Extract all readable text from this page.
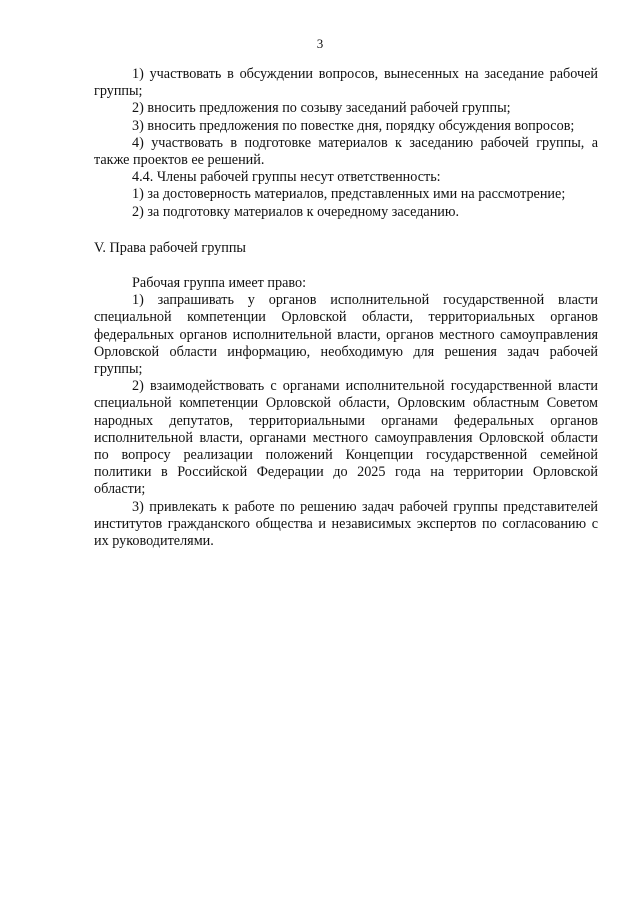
3

1) участвовать в обсуждении вопросов, вынесенных на заседание рабочей группы;

2) вносить предложения по созыву заседаний рабочей группы;

3) вносить предложения по повестке дня, порядку обсуждения вопросов;

4) участвовать в подготовке материалов к заседанию рабочей группы, а также проектов ее решений.

4.4. Члены рабочей группы несут ответственность:

1) за достоверность материалов, представленных ими на рассмотрение;

2) за подготовку материалов к очередному заседанию.

V. Права рабочей группы

Рабочая группа имеет право:

1) запрашивать у органов исполнительной государственной власти специальной компетенции Орловской области, территориальных органов федеральных органов исполнительной власти, органов местного самоуправления Орловской области информацию, необходимую для решения задач рабочей группы;

2) взаимодействовать с органами исполнительной государственной власти специальной компетенции Орловской области, Орловским областным Советом народных депутатов, территориальными органами федеральных органов исполнительной власти, органами местного самоуправления Орловской области по вопросу реализации положений Концепции государственной семейной политики в Российской Федерации до 2025 года на территории Орловской области;

3) привлекать к работе по решению задач рабочей группы представителей институтов гражданского общества и независимых экспертов по согласованию с их руководителями.
